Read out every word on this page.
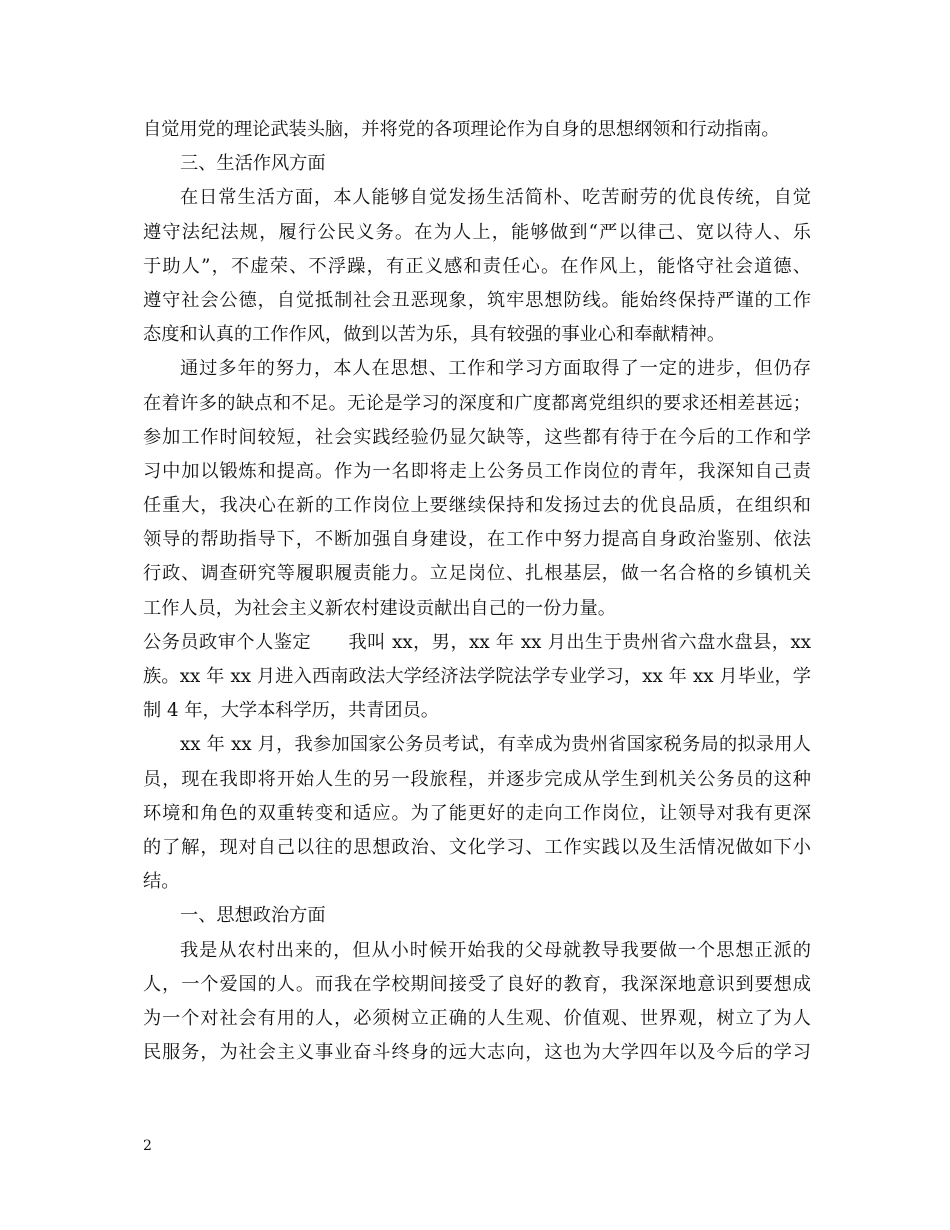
自觉用党的理论武装头脑，并将党的各项理论作为自身的思想纲领和行动指南。
三、生活作风方面
在日常生活方面，本人能够自觉发扬生活简朴、吃苦耐劳的优良传统，自觉
遵守法纪法规，履行公民义务。在为人上，能够做到“严以律己、宽以待人、乐
于助人”，不虚荣、不浮躁，有正义感和责任心。在作风上，能恪守社会道德、
遵守社会公德，自觉抵制社会丑恶现象，筑牢思想防线。能始终保持严谨的工作
态度和认真的工作作风，做到以苦为乐，具有较强的事业心和奉献精神。
通过多年的努力，本人在思想、工作和学习方面取得了一定的进步，但仍存
在着许多的缺点和不足。无论是学习的深度和广度都离党组织的要求还相差甚远；
参加工作时间较短，社会实践经验仍显欠缺等，这些都有待于在今后的工作和学
习中加以锻炼和提高。作为一名即将走上公务员工作岗位的青年，我深知自己责
任重大，我决心在新的工作岗位上要继续保持和发扬过去的优良品质，在组织和
领导的帮助指导下，不断加强自身建设，在工作中努力提高自身政治鉴别、依法
行政、调查研究等履职履责能力。立足岗位、扎根基层，做一名合格的乡镇机关
工作人员，为社会主义新农村建设贡献出自己的一份力量。
公务员政审个人鉴定　　我叫 xx，男，xx 年 xx 月出生于贵州省六盘水盘县，xx
族。xx 年 xx 月进入西南政法大学经济法学院法学专业学习，xx 年 xx 月毕业，学
制 4 年，大学本科学历，共青团员。
xx 年 xx 月，我参加国家公务员考试，有幸成为贵州省国家税务局的拟录用人
员，现在我即将开始人生的另一段旅程，并逐步完成从学生到机关公务员的这种
环境和角色的双重转变和适应。为了能更好的走向工作岗位，让领导对我有更深
的了解，现对自己以往的思想政治、文化学习、工作实践以及生活情况做如下小
结。
一、思想政治方面
我是从农村出来的，但从小时候开始我的父母就教导我要做一个思想正派的
人，一个爱国的人。而我在学校期间接受了良好的教育，我深深地意识到要想成
为一个对社会有用的人，必须树立正确的人生观、价值观、世界观，树立了为人
民服务，为社会主义事业奋斗终身的远大志向，这也为大学四年以及今后的学习
2
